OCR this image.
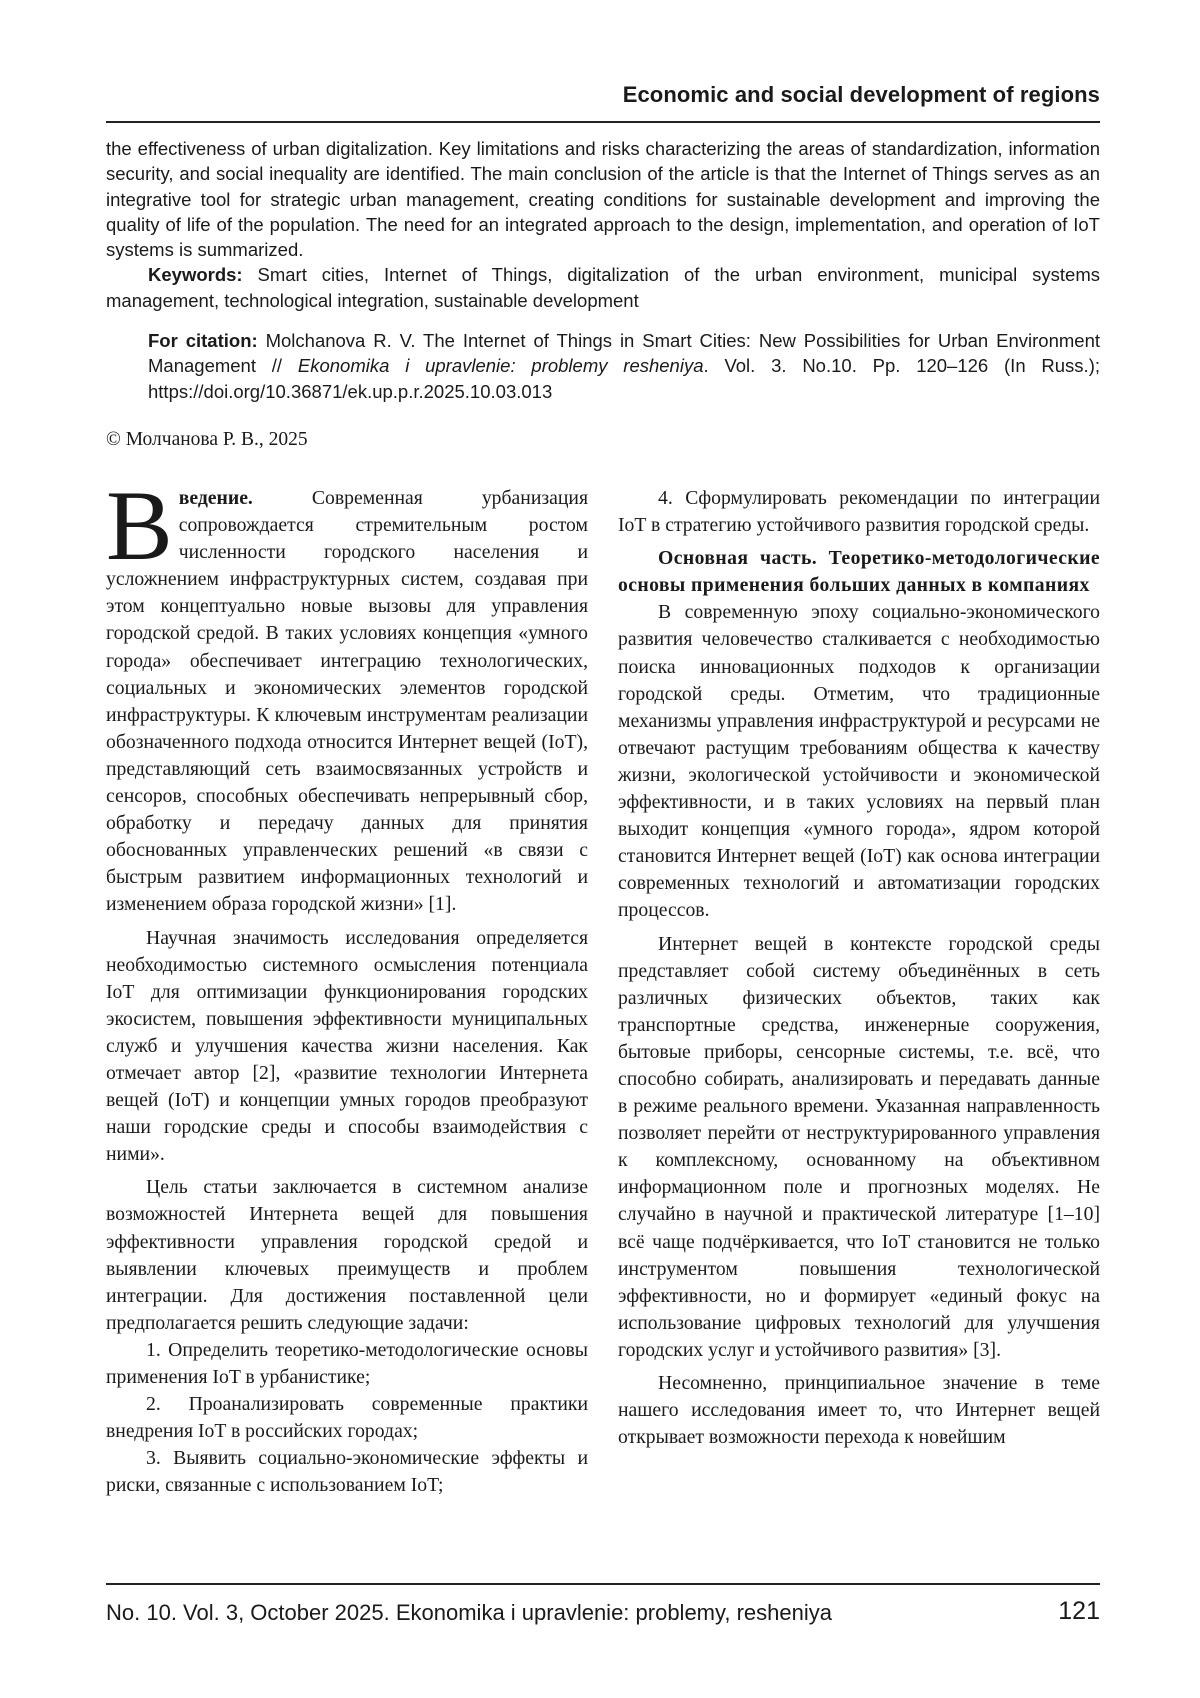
Economic and social development of regions

the effectiveness of urban digitalization. Key limitations and risks characterizing the areas of standardization, information security, and social inequality are identified. The main conclusion of the article is that the Internet of Things serves as an integrative tool for strategic urban management, creating conditions for sustainable development and improving the quality of life of the population. The need for an integrated approach to the design, implementation, and operation of IoT systems is summarized.

Keywords: Smart cities, Internet of Things, digitalization of the urban environment, municipal systems management, technological integration, sustainable development

For citation: Molchanova R. V. The Internet of Things in Smart Cities: New Possibilities for Urban Environment Management // Ekonomika i upravlenie: problemy resheniya. Vol. 3. No.10. Pp. 120–126 (In Russ.); https://doi.org/10.36871/ek.up.p.r.2025.10.03.013

© Молчанова Р. В., 2025

Введение.	Современная урбанизация сопровождается стремительным ростом численности городского населения и усложнением инфраструктурных систем, создавая при этом концептуально новые вызовы для управления городской средой. В таких условиях концепция «умного города» обеспечивает интеграцию технологических, социальных и экономических элементов городской инфраструктуры. К ключевым инструментам реализации обозначенного подхода относится Интернет вещей (IoT), представляющий сеть взаимосвязанных устройств и сенсоров, способных обеспечивать непрерывный сбор, обработку и передачу данных для принятия обоснованных управленческих решений «в связи с быстрым развитием информационных технологий и изменением образа городской жизни» [1].

Научная значимость исследования определяется необходимостью системного осмысления потенциала IoT для оптимизации функционирования городских экосистем, повышения эффективности муниципальных служб и улучшения качества жизни населения. Как отмечает автор [2], «развитие технологии Интернета вещей (IoT) и концепции умных городов преобразуют наши городские среды и способы взаимодействия с ними».

Цель статьи заключается в системном анализе возможностей Интернета вещей для повышения эффективности управления городской средой и выявлении ключевых преимуществ и проблем интеграции. Для достижения поставленной цели предполагается решить следующие задачи:

1. Определить теоретико-методологические основы применения IoT в урбанистике;

2. Проанализировать современные практики внедрения IoT в российских городах;

3. Выявить социально-экономические эффекты и риски, связанные с использованием IoT;

4. Сформулировать рекомендации по интеграции IoT в стратегию устойчивого развития городской среды.

Основная часть. Теоретико-методологические основы применения больших данных в компаниях

В современную эпоху социально-экономического развития человечество сталкивается с необходимостью поиска инновационных подходов к организации городской среды. Отметим, что традиционные механизмы управления инфраструктурой и ресурсами не отвечают растущим требованиям общества к качеству жизни, экологической устойчивости и экономической эффективности, и в таких условиях на первый план выходит концепция «умного города», ядром которой становится Интернет вещей (IoT) как основа интеграции современных технологий и автоматизации городских процессов.

Интернет вещей в контексте городской среды представляет собой систему объединённых в сеть различных физических объектов, таких как транспортные средства, инженерные сооружения, бытовые приборы, сенсорные системы, т.е. всё, что способно собирать, анализировать и передавать данные в режиме реального времени. Указанная направленность позволяет перейти от неструктурированного управления к комплексному, основанному на объективном информационном поле и прогнозных моделях. Не случайно в научной и практической литературе [1–10] всё чаще подчёркивается, что IoT становится не только инструментом повышения технологической эффективности, но и формирует «единый фокус на использование цифровых технологий для улучшения городских услуг и устойчивого развития» [3].

Несомненно, принципиальное значение в теме нашего исследования имеет то, что Интернет вещей открывает возможности перехода к новейшим

No. 10. Vol. 3, October 2025. Ekonomika i upravlenie: problemy, resheniya	121
